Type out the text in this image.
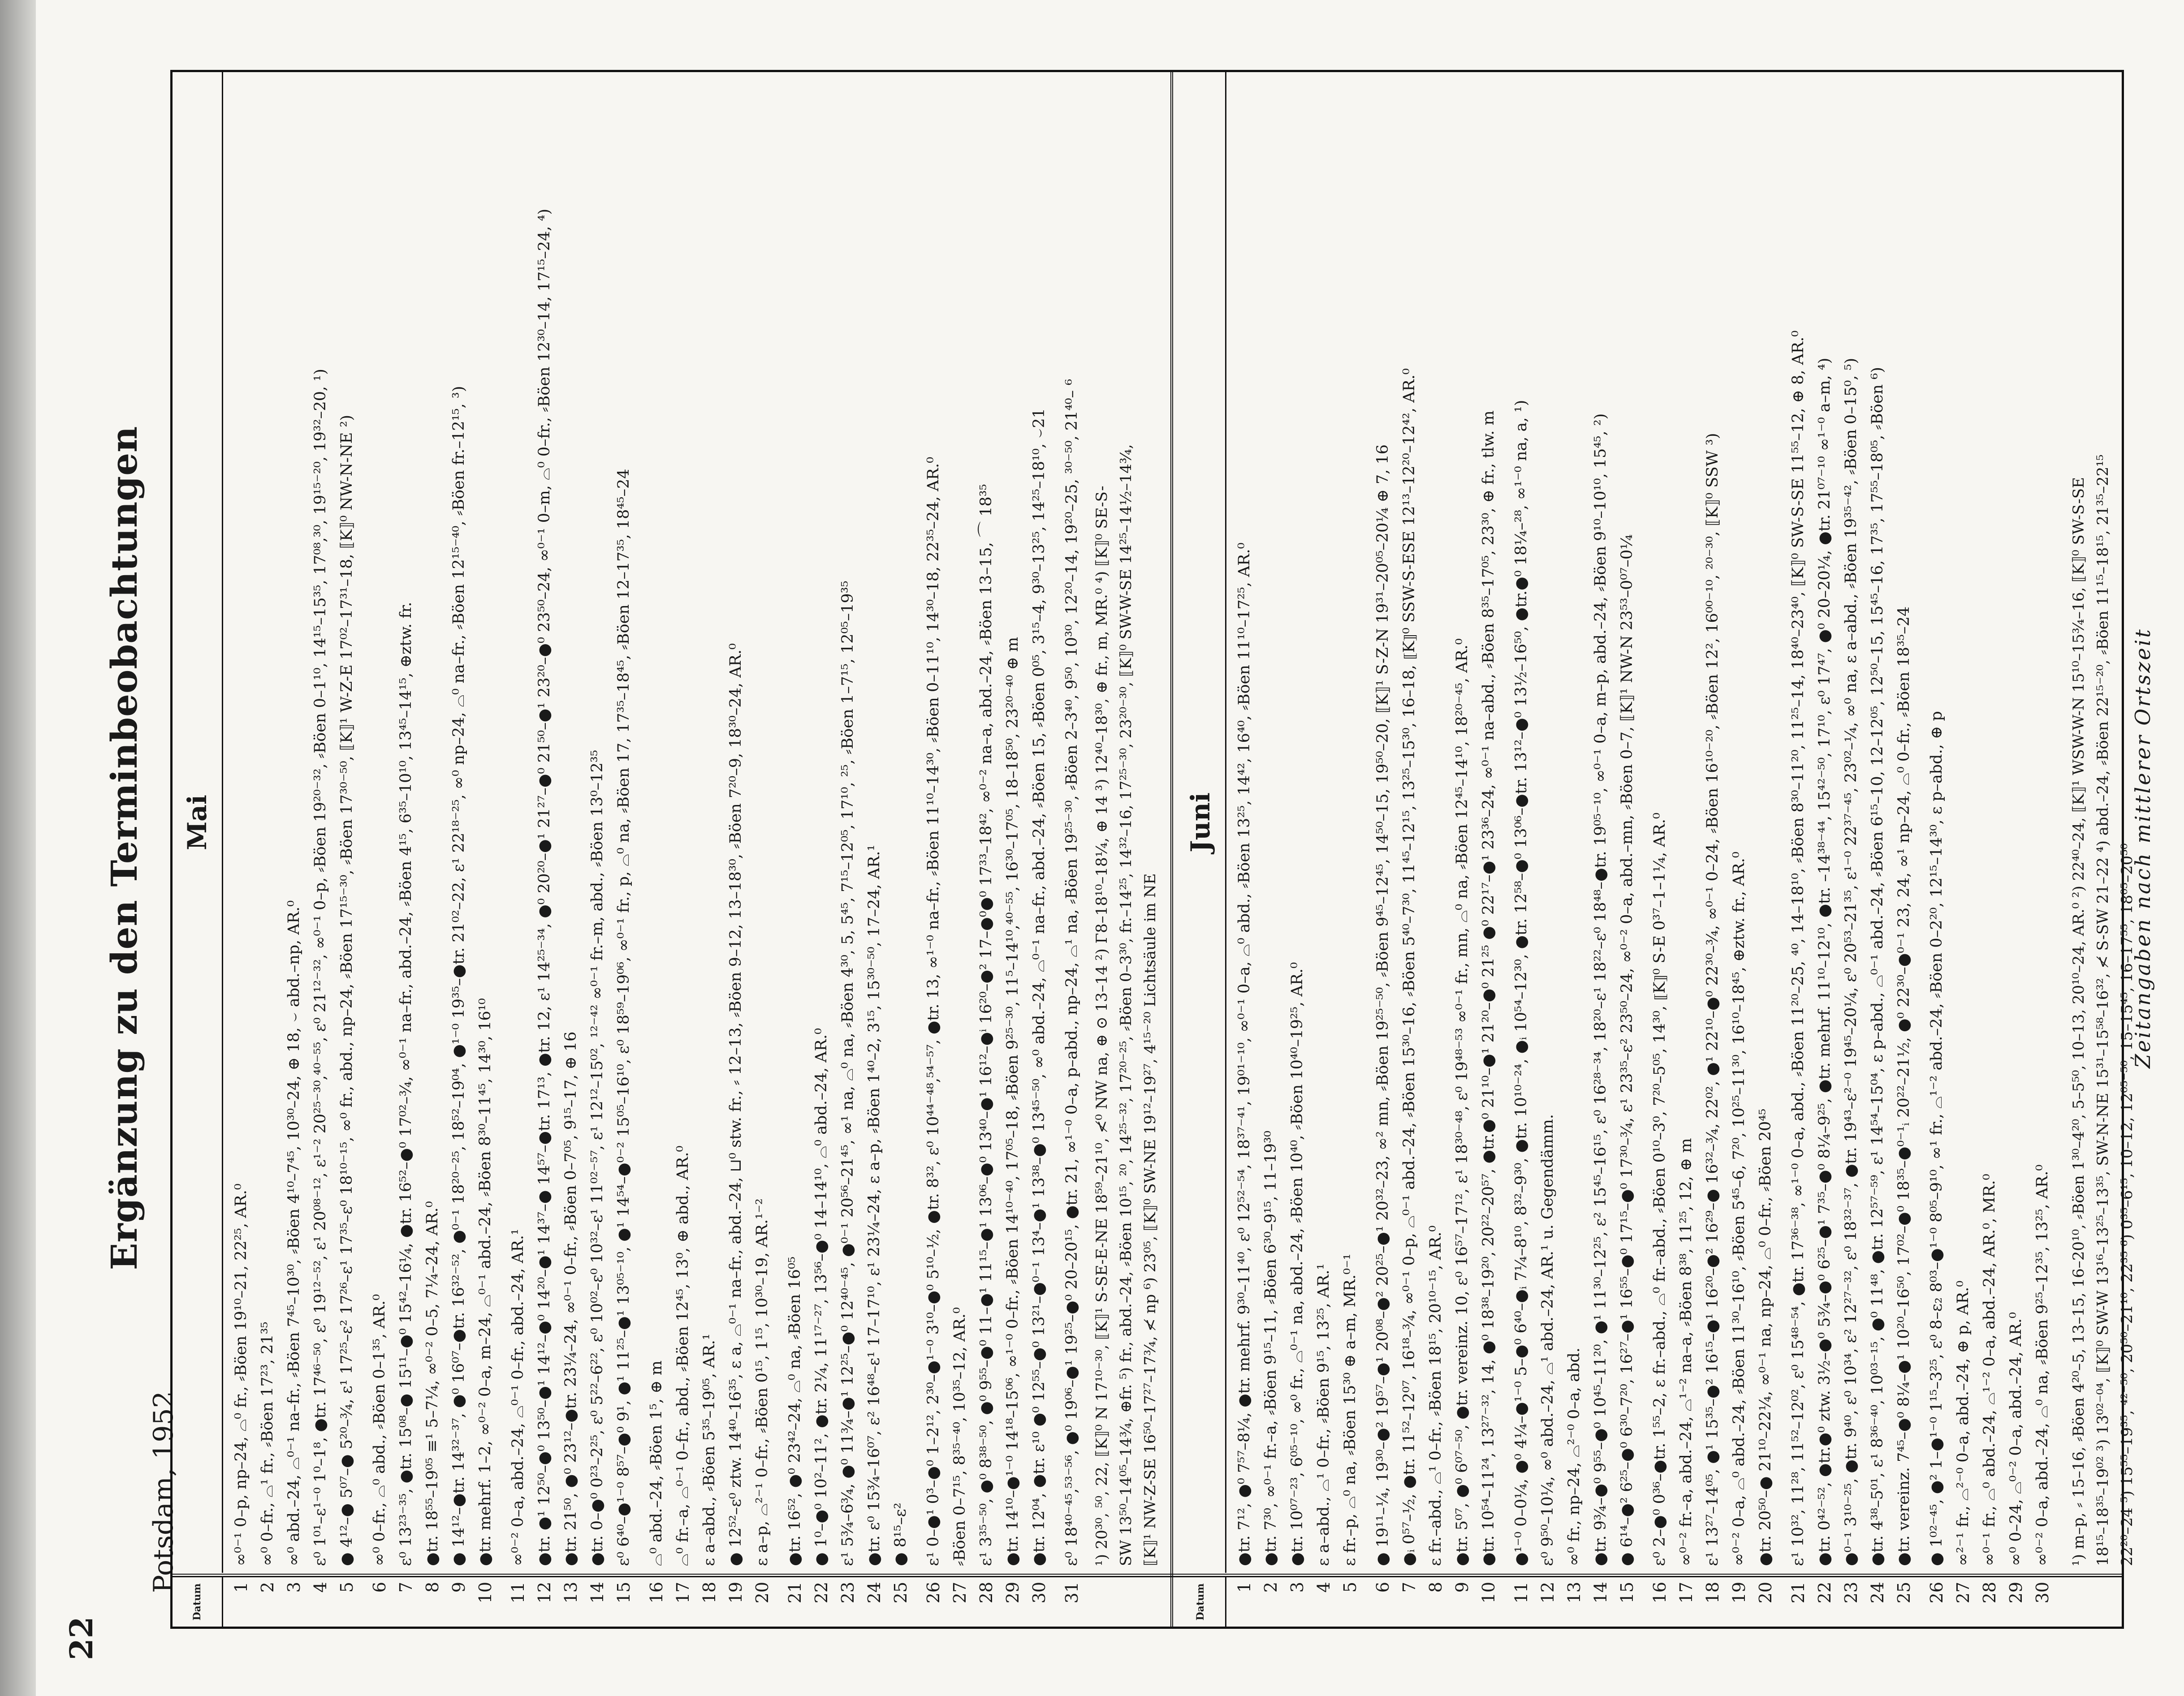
22
Ergänzung zu den Terminbeobachtungen
Potsdam, 1952
Datum
Mai
1
∞⁰⁻¹ 0–p, np–24, ⌓⁰ fr., ⸗Böen 19¹⁰–21, 22²⁵, AR.⁰
2
∞⁰ 0–fr., ⌓¹ fr., ⸗Böen 17²³, 21³⁵
3
∞⁰ abd.–24, ⌓⁰⁻¹ na–fr., ⸗Böen 7⁴⁵–10³⁰, ⸗Böen 4¹⁰–7⁴⁵, 10³⁰–24, ⊕ 18, ⌣ abd.–np, AR.⁰
4
ɛ⁰ 1⁰¹–ɛ¹⁻⁰ 1⁰–1⁸, ●tr. 17⁴⁶⁻⁵⁰, ɛ⁰ 19¹²⁻⁵², ɛ¹ 20⁰⁸⁻¹², ɛ¹⁻² 20²⁵⁻³⁰,⁴⁰⁻⁵⁵, ɛ⁰ 21¹²⁻³², ∞⁰⁻¹ 0–p, ⸗Böen 19²⁰⁻³², ⸗Böen 0–1¹⁰, 14¹⁵–15³⁵, 17⁰⁸,³⁰, 19¹⁵⁻²⁰, 19³²–20, ¹)
5
● 4¹²–● 5⁰⁷–● 5²⁰–¾, ɛ¹ 17²⁵–ɛ² 17²⁶–ɛ¹ 17³⁵–ɛ⁰ 18¹⁰⁻¹⁵, ∞⁰ fr., abd., np–24, ⸗Böen 17¹⁵⁻³⁰, ⸗Böen 17³⁰⁻⁵⁰, ⟦K⟧¹ W-Z-E 17⁰²–17³¹–18, ⟦K⟧⁰ NW-N-NE ²)
6
∞⁰ 0–fr., ⌓⁰ abd., ⸗Böen 0–1³⁵, AR.⁰
7
ɛ⁰ 13²³⁻³⁵, ●tr. 15⁰⁸–● 15¹¹–●⁰ 15⁴²–16¼, ●tr. 16⁵²–●⁰ 17⁰²–¾, ∞⁰⁻¹ na–fr., abd.–24, ⸗Böen 4¹⁵, 6³⁵–10¹⁰, 13⁴⁵–14¹⁵, ⊕ztw. fr.
8
●tr. 18⁵⁵–19⁰⁵ ≡¹ 5–7¼, ∞⁰⁻² 0–5, 7¼–24, AR.⁰
9
● 14¹²–●tr. 14³²⁻³⁷, ●⁰ 16⁰⁷–●tr. 16³²⁻⁵², ●⁰⁻¹ 18²⁰⁻²⁵, 18⁵²–19⁰⁴, ●¹⁻⁰ 19³⁵–●tr. 21⁰²–22, ɛ¹ 22¹⁸⁻²⁵, ∞⁰ np–24, ⌓⁰ na–fr., ⸗Böen 12¹⁵⁻⁴⁰, ⸗Böen fr.–12¹⁵, ³)
10
●tr. mehrf. 1–2, ∞⁰⁻² 0–a, m–24, ⌓⁰⁻¹ abd.–24, ⸗Böen 8³⁰–11⁴⁵, 14³⁰, 16¹⁰
11
∞⁰⁻² 0–a, abd.–24, ⌓⁰⁻¹ 0–fr., abd.–24, AR.¹
12
●tr. ●¹ 12⁵⁰–●⁰ 13⁵⁰–●¹ 14¹²–●⁰ 14²⁰–●¹ 14³⁷–● 14⁵⁷–●tr. 17¹³, ●tr. 12, ɛ¹ 14²⁵⁻³⁴, ●⁰ 20²⁰–●¹ 21²⁷–●⁰ 21⁵⁰–●¹ 23²⁰–●⁰ 23⁵⁰–24, ∞⁰⁻¹ 0–m, ⌓⁰ 0–fr., ⸗Böen 12³⁰–14, 17¹⁵–24, ⁴)
13
●tr. 21⁵⁰, ●⁰ 23¹²–●tr. 23¼–24, ∞⁰⁻¹ 0–fr., ⸗Böen 0–7⁰⁵, 9¹⁵–17, ⊕ 16
14
●tr. 0–●⁰ 0²³–2²⁵, ɛ⁰ 5²²–6²², ɛ⁰ 10⁰²–ɛ⁰ 10³²–ɛ¹ 11⁰²⁻⁵⁷, ɛ¹ 12¹²–15⁰², ¹²⁻⁴² ∞⁰⁻¹ fr.–m, abd., ⸗Böen 13⁰–12³⁵
15
ɛ⁰ 6⁴⁰–●¹⁻⁰ 8⁵⁷–●⁰ 9¹, ●¹ 11²⁵–●¹ 13⁰⁵⁻¹⁰, ●¹ 14⁵⁴–●⁰⁻² 15⁰⁵–16¹⁰, ɛ⁰ 18⁵⁹–19⁰⁶, ∞⁰⁻¹ fr., p, ⌓⁰ na, ⸗Böen 17, 17³⁵–18⁴⁵, ⸗Böen 12–17³⁵, 18⁴⁵–24
16
⌓⁰ abd.–24, ⸗Böen 1⁵, ⊕ m
17
⌓⁰ fr.–a, ⌓⁰⁻¹ 0–fr., abd., ⸗Böen 12⁴⁵, 13⁰, ⊕ abd., AR.⁰
18
ɛ a–abd., ⸗Böen 5³⁵–19⁰⁵, AR.¹
19
● 12⁵²–ɛ⁰ ztw. 14⁴⁰–16³⁵, ɛ a, ⌓⁰⁻¹ na–fr., abd.–24, ⊔⁰ stw. fr., ⸗ 12–13, ⸗Böen 9–12, 13–18³⁰, ⸗Böen 7²⁰–9, 18³⁰–24, AR.⁰
20
ɛ a–p, ⌓²⁻¹ 0–fr., ⸗Böen 0¹⁵, 1¹⁵, 10³⁰–19, AR.¹⁻²
21
●tr. 16⁵², ●⁰ 23⁴²–24, ⌓⁰ na, ⸗Böen 16⁰⁵
22
● 1⁰–●⁰ 10²–11², ●tr. 2¼, 11¹⁷⁻²⁷, 13⁵⁶–●⁰ 14–14¹⁰, ⌓⁰ abd.–24, AR.⁰
23
ɛ¹ 5¾–6¾, ●⁰ 11¾–●¹ 12²⁵–●⁰ 12⁴⁰⁻⁴⁵, ●⁰⁻¹ 20⁵⁶–21⁴⁵, ∞¹ na, ⌓⁰ na, ⸗Böen 4³⁰, 5, 5⁴⁵, 7¹⁵–12⁰⁵, 17¹⁰, ²⁵, ⸗Böen 1–7¹⁵, 12⁰⁵–19³⁵
24
●tr. ɛ⁰ 15¾–16⁰⁷, ɛ² 16⁴⁸–ɛ¹ 17–17¹⁰, ɛ¹ 23¼–24, ɛ a–p, ⸗Böen 1⁴⁰–2, 3¹⁵, 15³⁰⁻⁵⁰, 17–24, AR.¹
25
● 8¹⁵–ɛ²
26
ɛ¹ 0–●¹ 0³–●⁰ 1–2¹², 2³⁰–●¹⁻⁰ 3¹⁰–●⁰ 5¹⁰–½, ●tr. 8³², ɛ⁰ 10⁴⁴⁻⁴⁸,⁵⁴⁻⁵⁷, ●tr. 13, ∞¹⁻⁰ na–fr., ⸗Böen 11¹⁰–14³⁰, ⸗Böen 0–11¹⁰, 14³⁰–18, 22³⁵–24, AR.⁰
27
⸗Böen 0–7¹⁵, 8³⁵⁻⁴⁰, 10³⁵–12, AR.⁰
28
ɛ¹ 3³⁵⁻⁵⁰, ●⁰ 8³⁸⁻⁵⁰, ●⁰ 9⁵⁵–●⁰ 11–●¹ 11¹⁵–●¹ 13⁰⁶–●⁰ 13⁴⁰–●¹ 16¹²–●ⁱ 16²⁰–●² 17–●⁰●⁰ 17³³–18⁴², ∞⁰⁻² na–a, abd.–24, ⸗Böen 13–15, ⌒ 18³⁵
29
●tr. 14¹⁰–●¹⁻⁰ 14¹⁸–15⁰⁶, ∞¹⁻⁰ 0–fr., ⸗Böen 14¹⁰⁻⁴⁰, 17⁰⁵–18, ⸗Böen 9²⁵⁻³⁰, 11⁵–14¹⁰,⁴⁰⁻⁵⁵, 16³⁰–17⁰⁵, 18–18⁵⁰, 23²⁰⁻⁴⁰ ⊕ m
30
●tr. 12⁰⁴, ●tr. ɛ¹⁰ ●⁰ 12⁵⁵–●⁰ 13²¹–●⁰⁻¹ 13⁴–●¹ 13³⁸–●⁰ 13⁴⁵⁻⁵⁰, ∞⁰ abd.–24, ⌓⁰⁻¹ na–fr., abd.–24, ⸗Böen 15, ⸗Böen 0⁰⁵, 3¹⁵–4, 9³⁰–13²⁵, 14²⁵–18¹⁰, ⌣21
31
ɛ⁰ 18⁴⁰⁻⁴⁵,⁵³⁻⁵⁶, ●⁰ 19⁰⁶–●¹ 19²⁵–●⁰ 20–20¹⁵, ●tr. 21, ∞¹⁻⁰ 0–a, p–abd., np–24, ⌓¹ na, ⸗Böen 19²⁵⁻³⁰, ⸗Böen 2–3⁴⁰, 9⁵⁰, 10³⁰, 12²⁰–14, 19²⁰–25, ³⁰⁻⁵⁰, 21⁴⁰– ⁶ ¹) 20³⁰, ⁵⁰, 22, ⟦K⟧⁰ N 17¹⁰⁻³⁰, ⟦K⟧¹ S-SE-E-NE 18⁵⁹–21¹⁰, ≮⁰ NW na, ⊕ ⊙ 13–14 ²) Γ8–18¹⁰–18¼, ⊕ 14 ³) 12⁴⁰–18³⁰, ⊕ fr., m, MR.⁰ ⁴) ⟦K⟧⁰ SE-S- SW 13⁵⁰–14⁰⁵–14¾, ⊕fr. ⁵) fr., abd.–24, ⸗Böen 10¹⁵, ²⁰, 14²⁵⁻³², 17²⁰⁻²⁵, ⸗Böen 0–3³⁰, fr.–14²⁵, 14³²–16, 17²⁵⁻³⁰, 23²⁰⁻³⁰, ⟦K⟧⁰ SW-W-SE 14²⁵–14½–14¾, ⟦K⟧¹ NW-Z-SE 16⁵⁰–17²⁷–17¾, ≮ np ⁶) 23⁰⁵, ⟦K⟧⁰ SW-NE 19¹²–19²⁷, 4¹⁵⁻²⁰ Lichtsäule im NE
Datum
Juni
1
●tr. 7¹², ●⁰ 7⁵⁷–8¼, ●tr. mehrf. 9³⁰–11⁴⁰, ɛ⁰ 12⁵²⁻⁵⁴, 18³⁷⁻⁴¹, 19⁰¹⁻¹⁰, ∞⁰⁻¹ 0–a, ⌓⁰ abd., ⸗Böen 13²⁵, 14⁴², 16⁴⁰, ⸗Böen 11¹⁰–17²⁵, AR.⁰
2
●tr. 7³⁰, ∞⁰⁻¹ fr.–a, ⸗Böen 9¹⁵–11, ⸗Böen 6³⁰–9¹⁵, 11–19³⁰
3
●tr. 10⁰⁷⁻²³, 6⁰⁵⁻¹⁰, ∞⁰ fr., ⌓⁰⁻¹ na, abd.–24, ⸗Böen 10⁴⁰, ⸗Böen 10⁴⁰–19²⁵, AR.⁰
4
ɛ a–abd., ⌓¹ 0–fr., ⸗Böen 9¹⁵, 13²⁵, AR.¹
5
ɛ fr.–p, ⌓⁰ na, ⸗Böen 15³⁰ ⊕ a–m, MR.⁰⁻¹
6
● 19¹¹–¼, 19³⁰–●² 19⁵⁷–●¹ 20⁰⁸–●² 20²⁵–●¹ 20³²–23, ∞² mn, ⸗Böen 19²⁵⁻⁵⁰, ⸗Böen 9⁴⁵–12⁴⁵, 14⁵⁰–15, 19⁵⁰–20, ⟦K⟧¹ S-Z-N 19³¹–20⁰⁵–20¼ ⊕ 7, 16
7
●ᵢ 0⁵⁷–½, ●tr. 11⁵²–12⁰⁷, 16¹⁸–¾, ∞⁰⁻¹ 0–p, ⌓⁰⁻¹ abd.–24, ⸗Böen 15³⁰–16, ⸗Böen 5⁴⁰–7³⁰, 11⁴⁵–12¹⁵, 13²⁵–15³⁰, 16–18, ⟦K⟧⁰ SSW-S-ESE 12¹³–12²⁰–12⁴², AR.⁰
8
ɛ fr.–abd., ⌓¹ 0–fr., ⸗Böen 18¹⁵, 20¹⁰⁻¹⁵, AR.⁰
9
●tr. 5⁰⁷, ●⁰ 6⁰⁷⁻⁵⁰, ●tr. vereinz. 10, ɛ⁰ 16⁵⁷–17¹², ɛ¹ 18³⁰⁻⁴⁸, ɛ⁰ 19⁴⁸⁻⁵³ ∞⁰⁻¹ fr., mn, ⌓⁰ na, ⸗Böen 12⁴⁵–14¹⁰, 18²⁰⁻⁴⁵, AR.⁰
10
●tr. 10⁵⁴–11²⁴, 13²⁷⁻³², 14, ●⁰ 18³⁸–19²⁰, 20²²–20⁵⁷, ●tr.●⁰ 21¹⁰–●¹ 21²⁰–●⁰ 21²⁵ ●⁰ 22¹⁷–●¹ 23³⁶–24, ∞⁰⁻¹ na–abd., ⸗Böen 8³⁵–17⁰⁵, 23³⁰, ⊕ fr., tlw. m
11
●¹⁻⁰ 0–0¼, ●⁰ 4¼–●¹⁻⁰ 5–●⁰ 6⁴⁰–●ᵢ 7¼–8¹⁰, 8³²–9³⁰, ●tr. 10¹⁰⁻²⁴, ●ᵢ 10⁵⁴–12³⁰, ●tr. 12⁵⁸–●⁰ 13⁰⁶–●tr. 13¹²–●⁰ 13½–16⁵⁰, ●tr.●⁰ 18¼–²⁸, ∞¹⁻⁰ na, a, ¹)
12
ɛ⁰ 9⁵⁰–10¼, ∞⁰ abd.–24, ⌓¹ abd.–24, AR.¹ u. Gegendämm.
13
∞⁰ fr., np–24, ⌓²⁻⁰ 0–a, abd.
14
●tr. 9¾–●⁰ 9⁵⁵–●⁰ 10⁴⁵–11²⁰, ●¹ 11³⁰–12²⁵, ɛ² 15⁴⁵–16¹⁵, ɛ⁰ 16²⁸⁻³⁴, 18²⁰–ɛ¹ 18²²–ɛ⁰ 18⁴⁸–●tr. 19⁰⁵⁻¹⁰, ∞⁰⁻¹ 0–a, m–p, abd.–24, ⸗Böen 9¹⁰–10¹⁰, 15⁴⁵, ²)
15
● 6¹⁴–●² 6²⁵–●⁰ 6³⁰–7²⁰, 16²⁷–●¹ 16⁵⁵–●⁰ 17¹⁵–●⁰ 17³⁰–¾, ɛ¹ 23³⁵–ɛ² 23⁵⁰–24, ∞⁰⁻² 0–a, abd.–mn, ⸗Böen 0–7, ⟦K⟧¹ NW-N 23⁵³–0⁰⁷–0¼
16
ɛ⁰ 2–●⁰ 0³⁶–●tr. 1⁵⁵–2, ɛ fr.–abd., ⌓⁰ fr.–abd., ⸗Böen 0¹⁰–3⁰, 7²⁰–5⁰⁵, 14³⁰, ⟦K⟧⁰ S-E 0³⁷–1–1¼, AR.⁰
17
∞⁰⁻² fr.–a, abd.–24, ⌓¹⁻² na–a, ⸗Böen 8³⁸, 11²⁵, 12, ⊕ m
18
ɛ¹ 13²⁷–14⁰⁵, ●¹ 15³⁵–●² 16¹⁵–●¹ 16²⁰–●² 16²⁹–● 16³²–¾, 22⁰², ●¹ 22¹⁰–●⁰ 22³⁰–¾, ∞⁰⁻¹ 0–24, ⸗Böen 16¹⁰⁻²⁰, ⸗Böen 12², 16⁰⁰⁻¹⁰, ²⁰⁻³⁰, ⟦K⟧⁰ SSW ³)
19
∞⁰⁻² 0–a, ⌓⁰ abd.–24, ⸗Böen 11³⁰–16¹⁰, ⸗Böen 5⁴⁵–6, 7²⁰, 10²⁵–11³⁰, 16¹⁰–18⁴⁵, ⊕ztw. fr., AR.⁰
20
●tr. 20⁵⁰–● 21¹⁰–22¼, ∞⁰⁻¹ na, np–24, ⌓⁰ 0–fr., ⸗Böen 20⁴⁵
21
ɛ¹ 10³², 11²⁸, 11⁵²–12⁰², ɛ⁰ 15⁴⁸⁻⁵⁴, ●tr. 17³⁶⁻³⁸, ∞¹⁻⁰ 0–a, abd., ⸗Böen 11²⁰–25, ⁴⁰, 14–18¹⁰, ⸗Böen 8³⁰–11²⁰, 11²⁵–14, 18⁴⁰–23⁴⁰, ⟦K⟧⁰ SW-S-SE 11⁵⁵–12, ⊕ 8, AR.⁰
22
●tr. 0⁴²⁻⁵², ●tr.●⁰ ztw. 3½–●⁰ 5¾–●⁰ 6²⁵–●¹ 7³⁵–●⁰ 8¼–9²⁵, ●tr. mehrf. 11¹⁰–12¹⁰, ●tr. –14³⁸⁻⁴⁴, 15⁴²⁻⁵⁰, 17¹⁰, ɛ⁰ 17⁴⁷, ●⁰ 20–20¼, ●tr. 21⁰⁷⁻¹⁰ ∞¹⁻⁰ a–m, ⁴)
23
●⁰⁻¹ 3¹⁰⁻²⁵, ●tr. 9⁴⁰, ɛ⁰ 10³⁴, ɛ² 12²⁷⁻³², ɛ⁰ 18³²⁻³⁷, ●tr. 19⁴³–ɛ²⁻⁰ 19⁴⁵–20¼, ɛ⁰ 20⁵³–21³⁵, ɛ¹⁻⁰ 22³⁷⁻⁴⁵, 23⁰²–¼, ∞⁰ na, ɛ a–abd., ⸗Böen 19³⁵⁻⁴², ⸗Böen 0–15⁰, ⁵)
24
●tr. 4³⁸–5⁰¹, ɛ¹ 8³⁶⁻⁴⁰, 10⁰³⁻¹⁵, ●⁰ 11⁴⁸, ●tr. 12⁵⁷⁻⁵⁹, ɛ¹ 14⁵⁴–15⁰⁴, ɛ p–abd., ⌓⁰⁻¹ abd.–24, ⸗Böen 6¹⁵–10, 12–12⁰⁵, 12⁵⁰–15, 15⁴⁵–16, 17³⁵, 17⁵⁵–18⁰⁵, ⸗Böen ⁶)
25
●tr. vereinz. 7⁴⁵–●⁰ 8¼–●¹ 10²⁰–16⁵⁰, 17⁰²–●⁰ 18³⁵–●⁰⁻¹ᵢ 20²²–21½, ●⁰ 22³⁰–●⁰⁻¹ 23, 24, ∞¹ np–24, ⌓⁰ 0–fr., ⸗Böen 18³⁵–24
26
● 1⁰²⁻⁴⁵, ●² 1–●¹⁻⁰ 1¹⁵–3²⁵, ɛ⁰ 8–ɛ₂ 8⁰³–●¹⁻⁰ 8⁰⁵–9¹⁰, ∞¹ fr., ⌓¹⁻² abd.–24, ⸗Böen 0–2²⁰, 12¹⁵–14³⁰, ɛ p–abd., ⊕ p
27
∞²⁻¹ fr., ⌓²⁻⁰ 0–a, abd.–24, ⊕ p, AR.⁰
28
∞⁰⁻¹ fr., ⌓⁰ abd.–24, ⌓¹⁻² 0–a, abd.–24, AR.⁰, MR.⁰
29
∞⁰ 0–24, ⌓⁰⁻² 0–a, abd.–24, AR.⁰
30
∞⁰⁻² 0–a, abd.–24, ⌓⁰ na, ⸗Böen 9²⁵–12³⁵, 13²⁵, AR.⁰ ¹) m–p, ⸗ 15–16, ⸗Böen 4²⁰–5, 13–15, 16–20¹⁰, ⸗Böen 1³⁰–4²⁰, 5–5⁵⁰, 10–13, 20¹⁰–24, AR.⁰ ²) 22⁴⁰–24, ⟦K⟧¹ WSW-W-N 15¹⁰–15¾–16, ⟦K⟧⁰ SW-S-SE 18¹⁵–18³⁵–19⁰² ³) 13⁰²⁻⁰⁴, ⟦K⟧⁰ SW-W 13¹⁶–13²⁵–13³⁵, SW-N-NE 15³¹–15⁵⁸–16³², ≮ S-SW 21–22 ⁴) abd.–24, ⸗Böen 22¹⁵⁻²⁰, ⸗Böen 11¹⁵–18¹⁵, 21³⁵–22¹⁵ 22²⁰–24 ⁵) 15⁵⁵–19³⁵, ⁴²⁻⁵⁰, 20⁵⁰–21¹⁰, 22³⁵ ⁶) 0³⁵–6¹⁵, 10–12, 12⁰⁵⁻⁵⁰, 15–15⁴⁵, 16–17⁵⁵, 18⁰⁵–20⁵⁰
Zeitangaben nach mittlerer Ortszeit
